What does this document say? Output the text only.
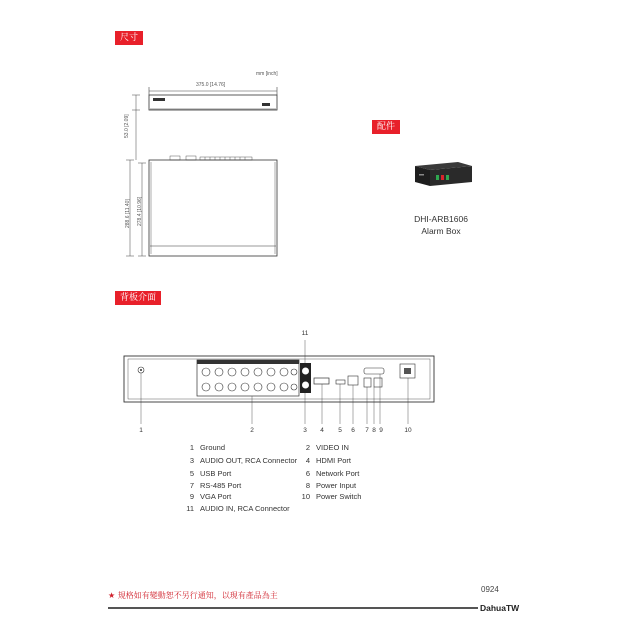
尺寸
配件
背板介面
mm [inch]
375.0 [14.76]
53.0 [2.09]
288.6 [11.40] 278.4 [10.96]	DHI-ARB1606
Alarm Box
1	2	3	4	5	6	7 8 9	10
11
1 Ground	2 VIDEO IN
3 AUDIO OUT, RCA Connector	4 HDMI Port
5 USB Port	6 Network Port
7 RS-485 Port	8 Power Input
9 VGA Port	10 Power Switch
11 AUDIO IN, RCA Connector
0924
★ 規格如有變動恕不另行通知，以現有產品為主
DahuaTW
